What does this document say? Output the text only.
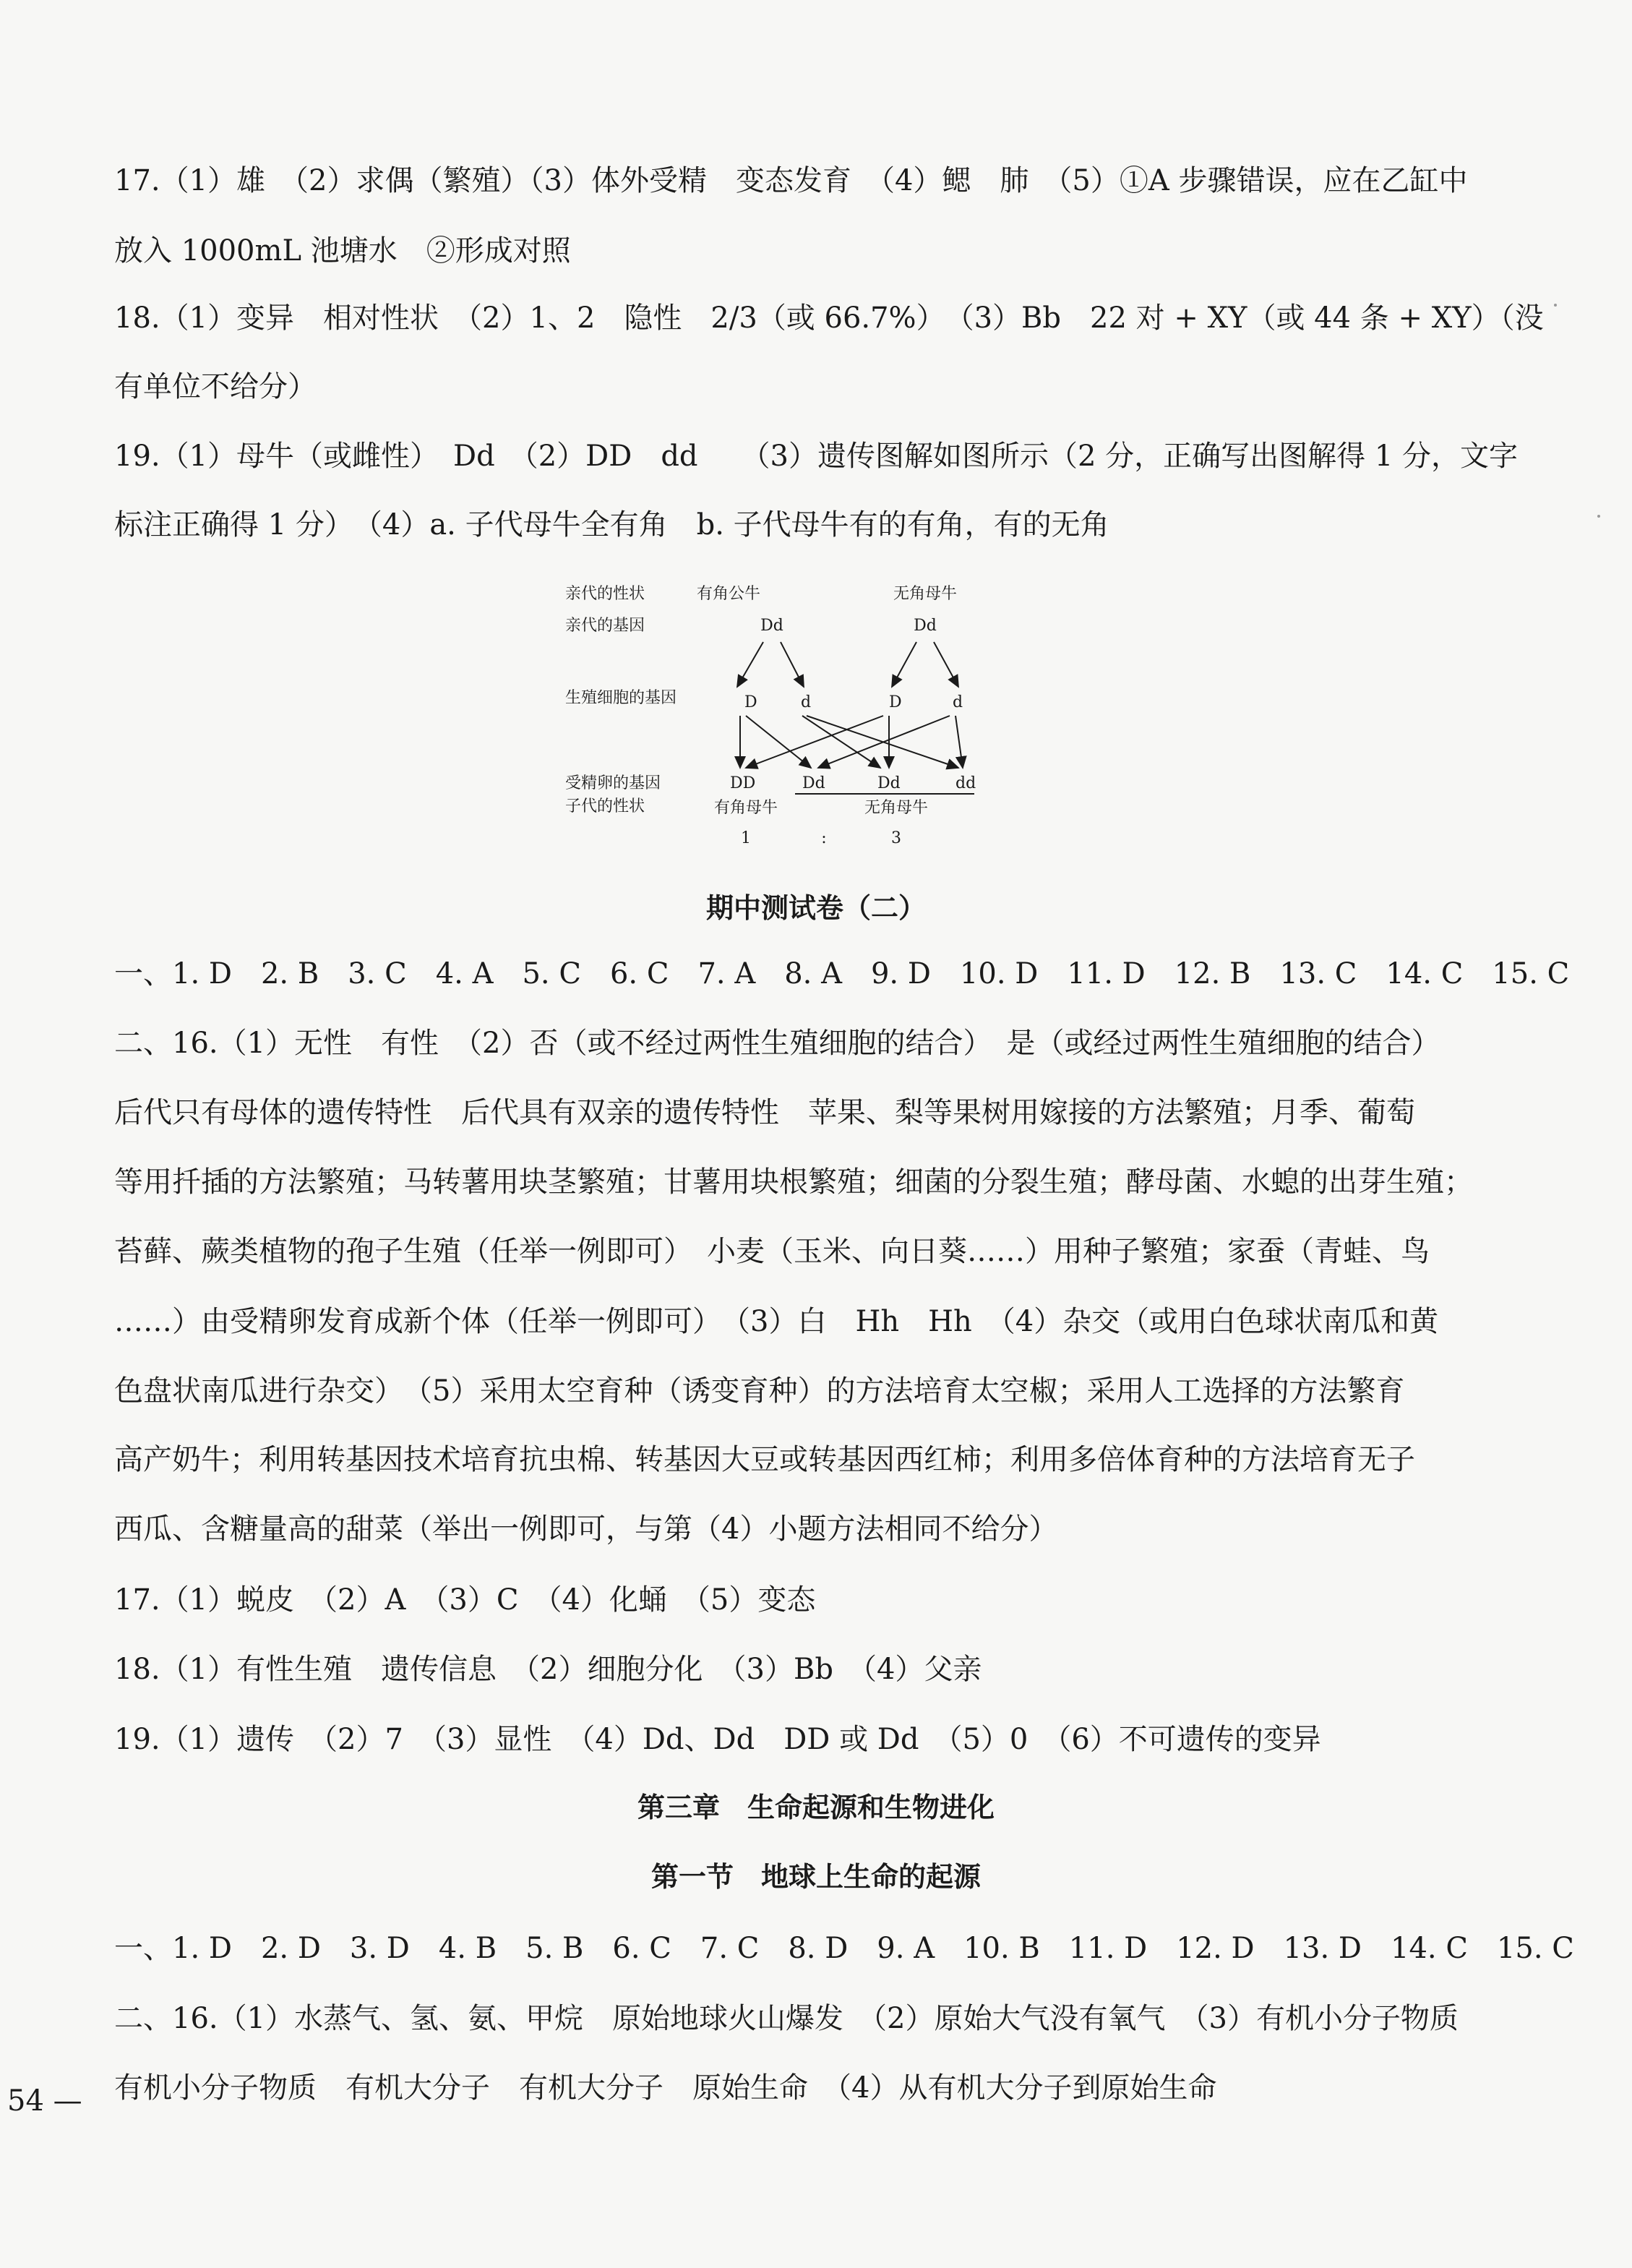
17.（1）雄　（2）求偶（繁殖）（3）体外受精　变态发育　（4）鳃　肺　（5）①A 步骤错误，应在乙缸中
放入 1000mL 池塘水　②形成对照
18.（1）变异　相对性状　（2）1、2　隐性　2/3（或 66.7%）　（3）Bb　22 对 + XY（或 44 条 + XY）（没
有单位不给分）
19.（1）母牛（或雌性）　Dd　（2）DD　dd　　（3）遗传图解如图所示（2 分，正确写出图解得 1 分，文字
标注正确得 1 分）　（4）a. 子代母牛全有角　b. 子代母牛有的有角，有的无角
亲代的性状
亲代的基因
生殖细胞的基因
受精卵的基因
子代的性状
有角公牛	无角母牛
Dd	Dd
D	d	D	d
DD	Dd	Dd	dd
有角母牛	无角母牛
1	:	3
期中测试卷（二）
一、1. D　2. B　3. C　4. A　5. C　6. C　7. A　8. A　9. D　10. D　11. D　12. B　13. C　14. C　15. C
二、16.（1）无性　有性　（2）否（或不经过两性生殖细胞的结合）　是（或经过两性生殖细胞的结合）
后代只有母体的遗传特性　后代具有双亲的遗传特性　苹果、梨等果树用嫁接的方法繁殖；月季、葡萄
等用扦插的方法繁殖；马转薯用块茎繁殖；甘薯用块根繁殖；细菌的分裂生殖；酵母菌、水螅的出芽生殖；
苔藓、蕨类植物的孢子生殖（任举一例即可）　小麦（玉米、向日葵……）用种子繁殖；家蚕（青蛙、鸟
……）由受精卵发育成新个体（任举一例即可）　（3）白　Hh　Hh　（4）杂交（或用白色球状南瓜和黄
色盘状南瓜进行杂交）　（5）采用太空育种（诱变育种）的方法培育太空椒；采用人工选择的方法繁育
高产奶牛；利用转基因技术培育抗虫棉、转基因大豆或转基因西红柿；利用多倍体育种的方法培育无子
西瓜、含糖量高的甜菜（举出一例即可，与第（4）小题方法相同不给分）
17.（1）蜕皮　（2）A　（3）C　（4）化蛹　（5）变态
18.（1）有性生殖　遗传信息　（2）细胞分化　（3）Bb　（4）父亲
19.（1）遗传　（2）7　（3）显性　（4）Dd、Dd　DD 或 Dd　（5）0　（6）不可遗传的变异
第三章　生命起源和生物进化
第一节　地球上生命的起源
一、1. D　2. D　3. D　4. B　5. B　6. C　7. C　8. D　9. A　10. B　11. D　12. D　13. D　14. C　15. C
二、16.（1）水蒸气、氢、氨、甲烷　原始地球火山爆发　（2）原始大气没有氧气　（3）有机小分子物质
有机小分子物质　有机大分子　有机大分子　原始生命　（4）从有机大分子到原始生命
54 —
